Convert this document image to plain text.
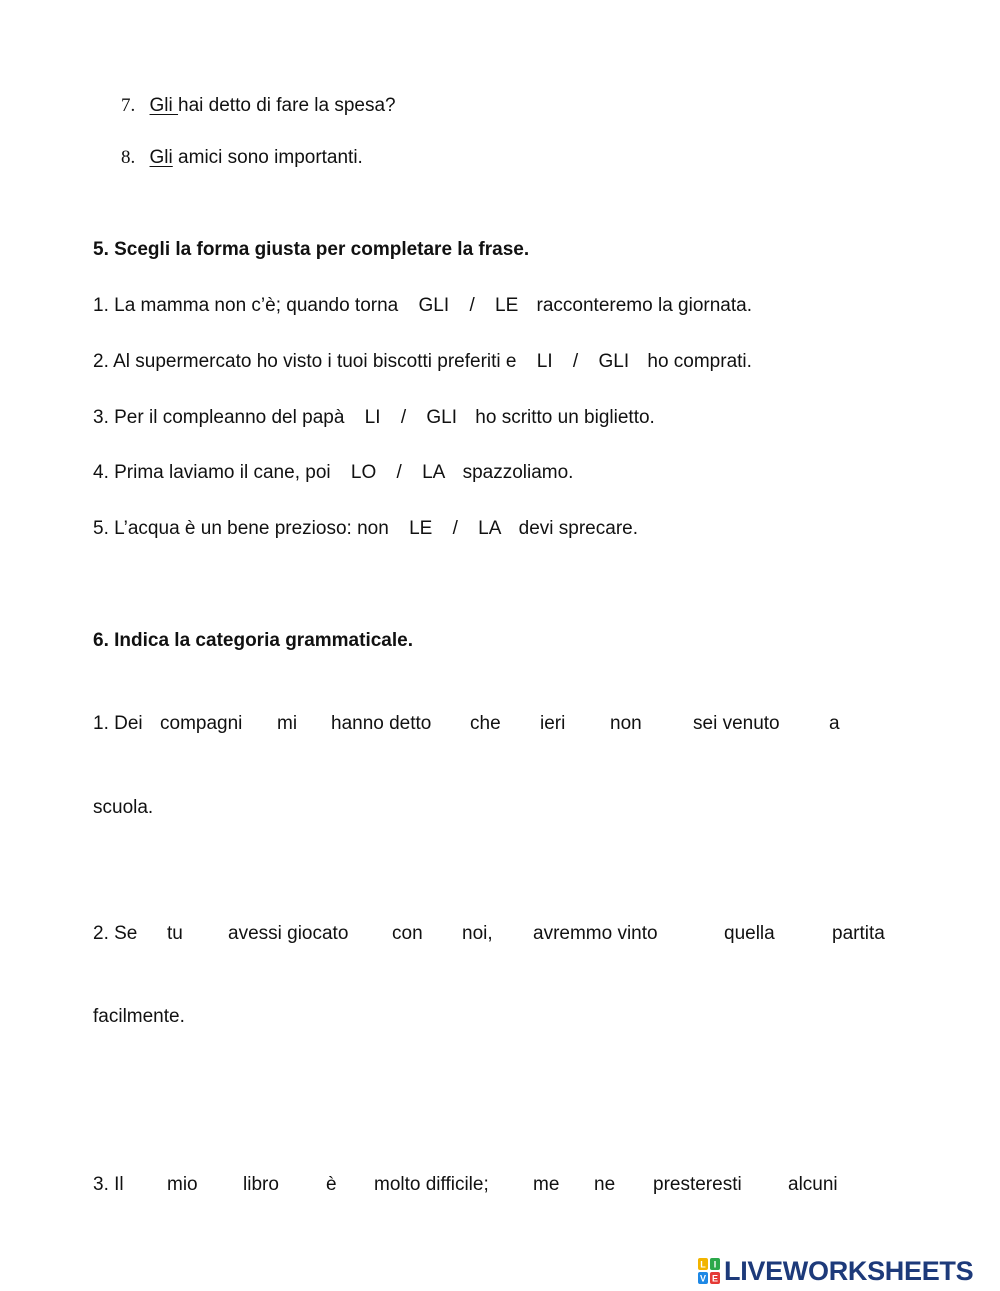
7. Gli hai detto di fare la spesa?
8. Gli amici sono importanti.
5. Scegli la forma giusta per completare la frase.
1. La mamma non c’è; quando torna GLI / LE racconteremo la giornata.
2. Al supermercato ho visto i tuoi biscotti preferiti e LI / GLI ho comprati.
3. Per il compleanno del papà LI / GLI ho scritto un biglietto.
4. Prima laviamo il cane, poi LO / LA spazzoliamo.
5. L’acqua è un bene prezioso: non LE / LA devi sprecare.
6. Indica la categoria grammaticale.
1. Dei compagni mi hanno detto che ieri non	sei venuto	a
scuola.
2. Se tu avessi giocato con noi, avremmo vinto	quella	partita
facilmente.
3. Il mio libro è molto difficile; me ne presteresti alcuni
L I
V E LIVEWORKSHEETS
